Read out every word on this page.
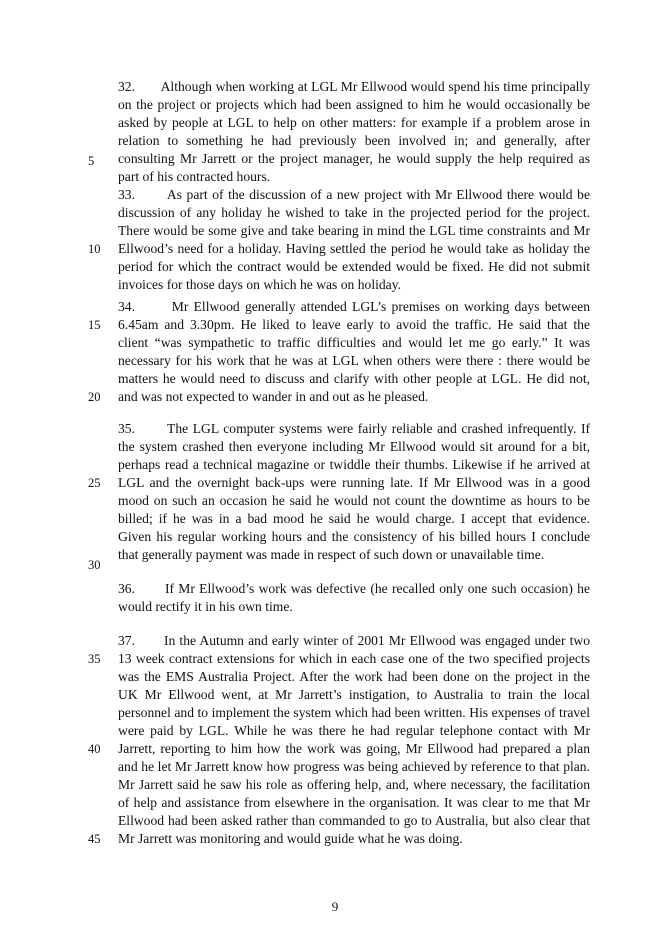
32.       Although when working at LGL Mr Ellwood would spend his time principally
on the project or projects which had been assigned to him he would occasionally be
asked by people at LGL to help on other matters: for example if a problem arose in
relation to something he had previously been involved in; and generally, after
consulting Mr Jarrett or the project manager, he would supply the help required as
part of his contracted hours.
33.       As part of the discussion of a new project with Mr Ellwood there would be
discussion of any holiday he wished to take in the projected period for the project.
There would be some give and take bearing in mind the LGL time constraints and Mr
Ellwood’s need for a holiday. Having settled the period he would take as holiday the
period for which the contract would be extended would be fixed. He did not submit
invoices for those days on which he was on holiday.
34.       Mr Ellwood generally attended LGL’s premises on working days between
6.45am and 3.30pm. He liked to leave early to avoid the traffic. He said that the
client “was sympathetic to traffic difficulties and would let me go early.” It was
necessary for his work that he was at LGL when others were there : there would be
matters he would need to discuss and clarify with other people at LGL. He did not,
and was not expected to wander in and out as he pleased.
35.       The LGL computer systems were fairly reliable and crashed infrequently. If
the system crashed then everyone including Mr Ellwood would sit around for a bit,
perhaps read a technical magazine or twiddle their thumbs. Likewise if he arrived at
LGL and the overnight back-ups were running late. If Mr Ellwood was in a good
mood on such an occasion he said he would not count the downtime as hours to be
billed; if he was in a bad mood he said he would charge. I accept that evidence.
Given his regular working hours and the consistency of his billed hours I conclude
that generally payment was made in respect of such down or unavailable time.
36.       If Mr Ellwood’s work was defective (he recalled only one such occasion) he
would rectify it in his own time.
37.       In the Autumn and early winter of 2001 Mr Ellwood was engaged under two
13 week contract extensions for which in each case one of the two specified projects
was the EMS Australia Project. After the work had been done on the project in the
UK Mr Ellwood went, at Mr Jarrett’s instigation, to Australia to train the local
personnel and to implement the system which had been written. His expenses of travel
were paid by LGL. While he was there he had regular telephone contact with Mr
Jarrett, reporting to him how the work was going, Mr Ellwood had prepared a plan
and he let Mr Jarrett know how progress was being achieved by reference to that plan.
Mr Jarrett said he saw his role as offering help, and, where necessary, the facilitation
of help and assistance from elsewhere in the organisation. It was clear to me that Mr
Ellwood had been asked rather than commanded to go to Australia, but also clear that
Mr Jarrett was monitoring and would guide what he was doing.
5
10
15
20
25
30
35
40
45
9
